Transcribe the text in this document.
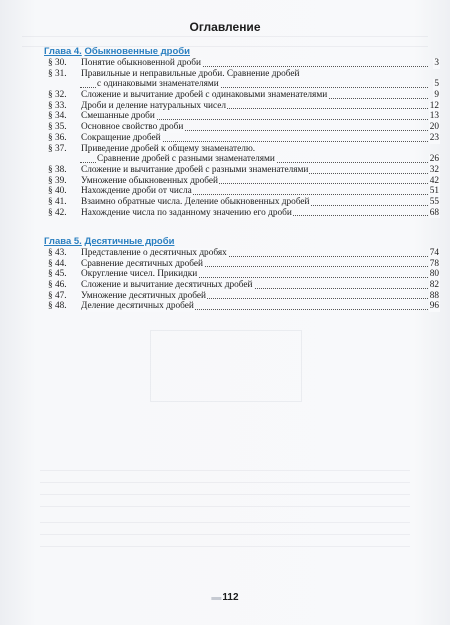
Оглавление
Глава 4. Обыкновенные дроби
§ 30.	Понятие обыкновенной дроби	3
§ 31.	Правильные и неправильные дроби. Сравнение дробей
с одинаковыми знаменателями	5
§ 32.	Сложение и вычитание дробей с одинаковыми знаменателями	9
§ 33.	Дроби и деление натуральных чисел	12
§ 34.	Смешанные дроби	13
§ 35.	Основное свойство дроби	20
§ 36.	Сокращение дробей	23
§ 37.	Приведение дробей к общему знаменателю.
Сравнение дробей с разными знаменателями	26
§ 38.	Сложение и вычитание дробей с разными знаменателями	32
§ 39.	Умножение обыкновенных дробей	42
§ 40.	Нахождение дроби от числа	51
§ 41.	Взаимно обратные числа. Деление обыкновенных дробей	55
§ 42.	Нахождение числа по заданному значению его дроби	68
Глава 5. Десятичные дроби
§ 43.	Представление о десятичных дробях	74
§ 44.	Сравнение десятичных дробей	78
§ 45.	Округление чисел. Прикидки	80
§ 46.	Сложение и вычитание десятичных дробей	82
§ 47.	Умножение десятичных дробей	88
§ 48.	Деление десятичных дробей	96
▬112
